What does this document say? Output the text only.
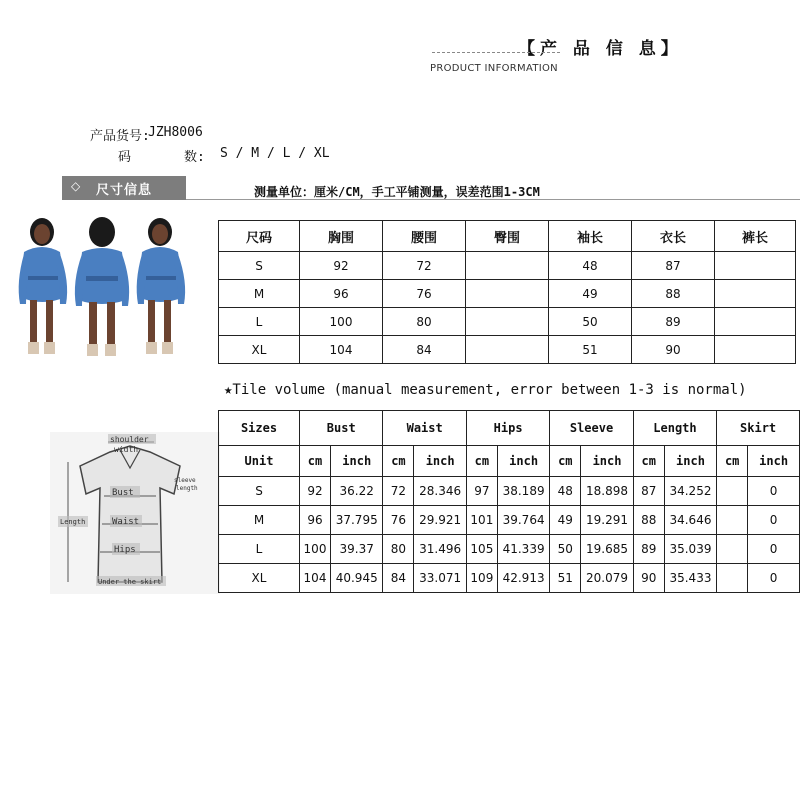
【产 品 信 息】
PRODUCT INFORMATION
产品货号:
JZH8006
码	数: S / M / L / XL
◇ 尺寸信息	测量单位：厘米/CM，手工平铺测量，误差范围1-3CM
尺码	胸围	腰围	臀围	袖长	衣长	裤长
S	92	72		48	87	
M	96	76		49	88	
L	100	80		50	89	
XL	104	84		51	90	
★Tile volume (manual measurement, error between 1-3 is normal)
shoulder
width
sleeve
length
Bust
Waist
Hips
Length
Under the skirt
Sizes	Bust		Waist		Hips		Sleeve		Length		Skirt	
Unit	cm	inch	cm	inch	cm	inch	cm	inch	cm	inch	cm	inch
S	92	36.22	72	28.346	97	38.189	48	18.898	87	34.252		0
M	96	37.795	76	29.921	101	39.764	49	19.291	88	34.646		0
L	100	39.37	80	31.496	105	41.339	50	19.685	89	35.039		0
XL	104	40.945	84	33.071	109	42.913	51	20.079	90	35.433		0
